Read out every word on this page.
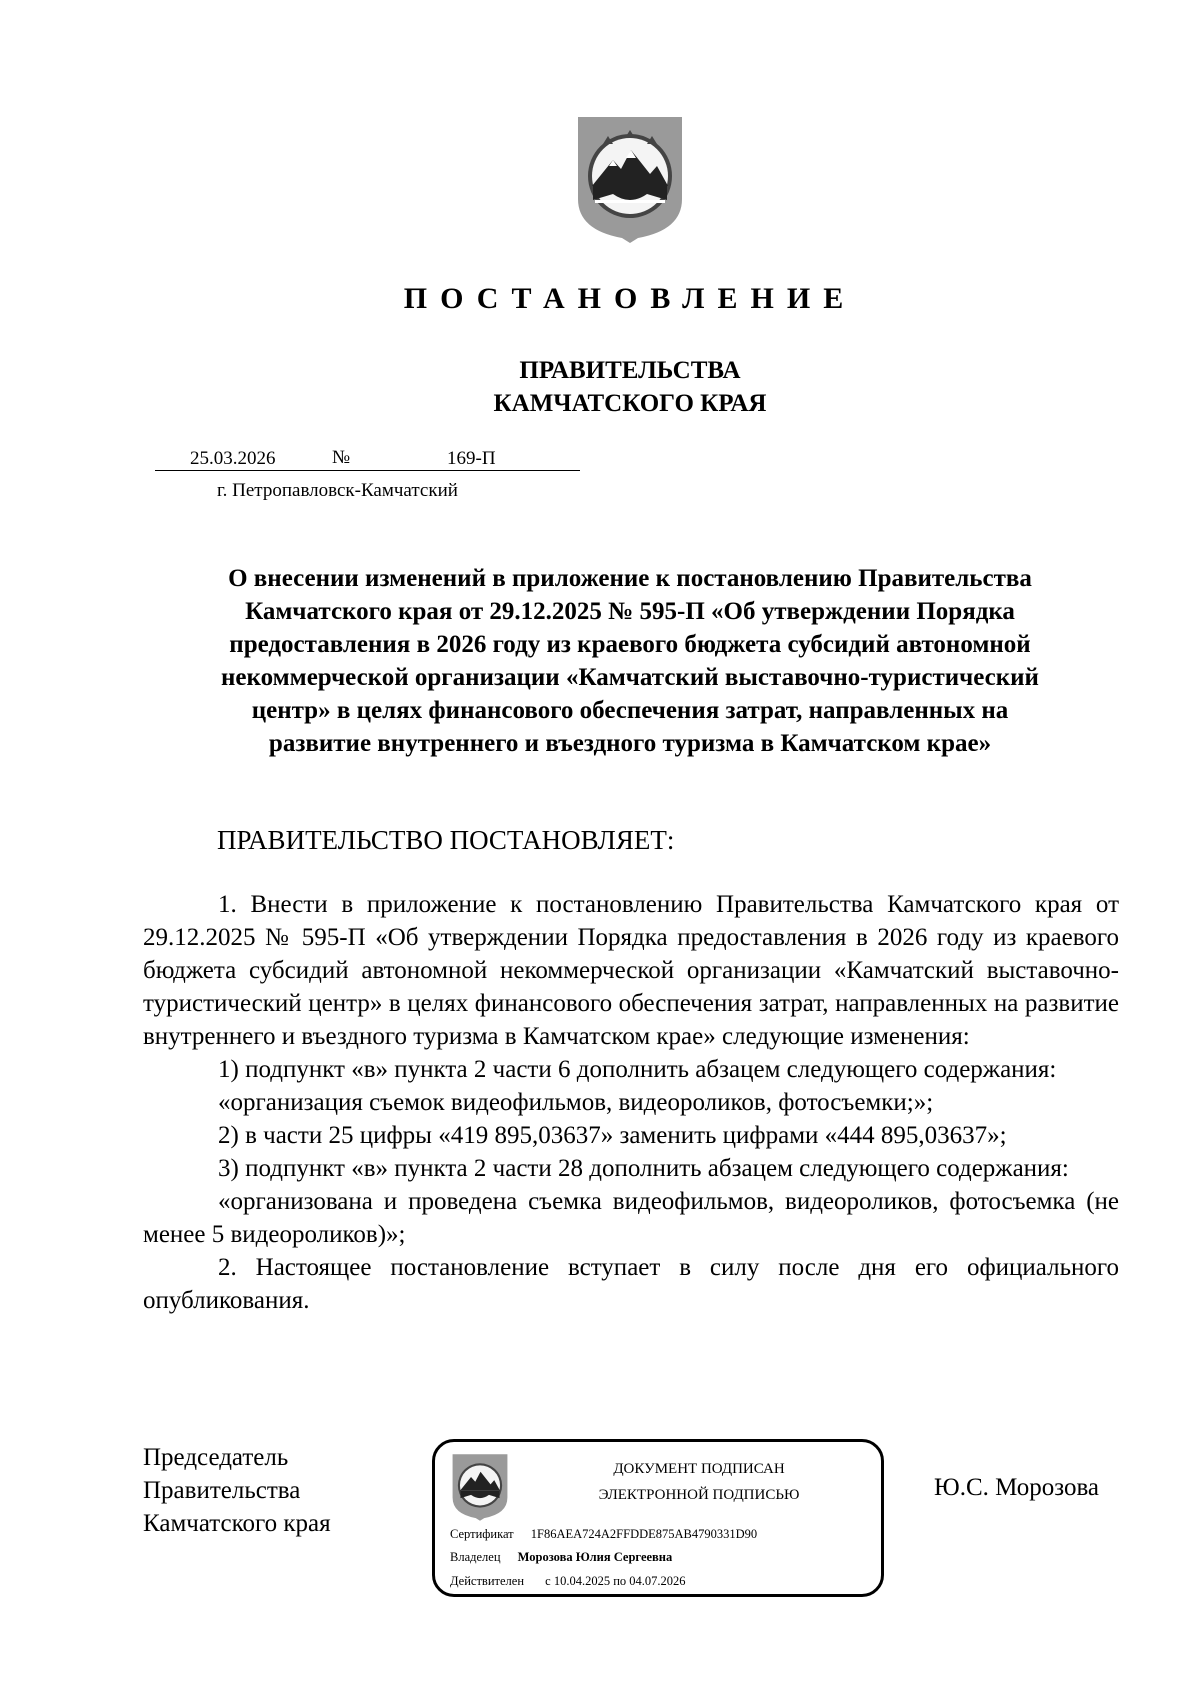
ПОСТАНОВЛЕНИЕ
ПРАВИТЕЛЬСТВА
КАМЧАТСКОГО КРАЯ
25.03.2026	№	169-П
г. Петропавловск-Камчатский
О внесении изменений в приложение к постановлению Правительства
Камчатского края от 29.12.2025 № 595-П «Об утверждении Порядка
предоставления в 2026 году из краевого бюджета субсидий автономной
некоммерческой организации «Камчатский выставочно-туристический
центр» в целях финансового обеспечения затрат, направленных на
развитие внутреннего и въездного туризма в Камчатском крае»
ПРАВИТЕЛЬСТВО ПОСТАНОВЛЯЕТ:

1. Внести в приложение к постановлению Правительства Камчатского края от 29.12.2025 № 595-П «Об утверждении Порядка предоставления в 2026 году из краевого бюджета субсидий автономной некоммерческой организации «Камчатский выставочно-туристический центр» в целях финансового обеспечения затрат, направленных на развитие внутреннего и въездного туризма в Камчатском крае» следующие изменения:

1) подпункт «в» пункта 2 части 6 дополнить абзацем следующего содержания:

«организация съемок видеофильмов, видеороликов, фотосъемки;»;

2) в части 25 цифры «419 895,03637» заменить цифрами «444 895,03637»;

3) подпункт «в» пункта 2 части 28 дополнить абзацем следующего содержания:

«организована и проведена съемка видеофильмов, видеороликов, фотосъемка (не менее 5 видеороликов)»;

2. Настоящее постановление вступает в силу после дня его официального опубликования.

Председатель
Правительства
Камчатского края
ДОКУМЕНТ ПОДПИСАН
ЭЛЕКТРОННОЙ ПОДПИСЬЮ
Сертификат 1F86AEA724A2FFDDE875AB4790331D90
Владелец Морозова Юлия Сергеевна
Действителен с 10.04.2025 по 04.07.2026
Ю.С. Морозова
